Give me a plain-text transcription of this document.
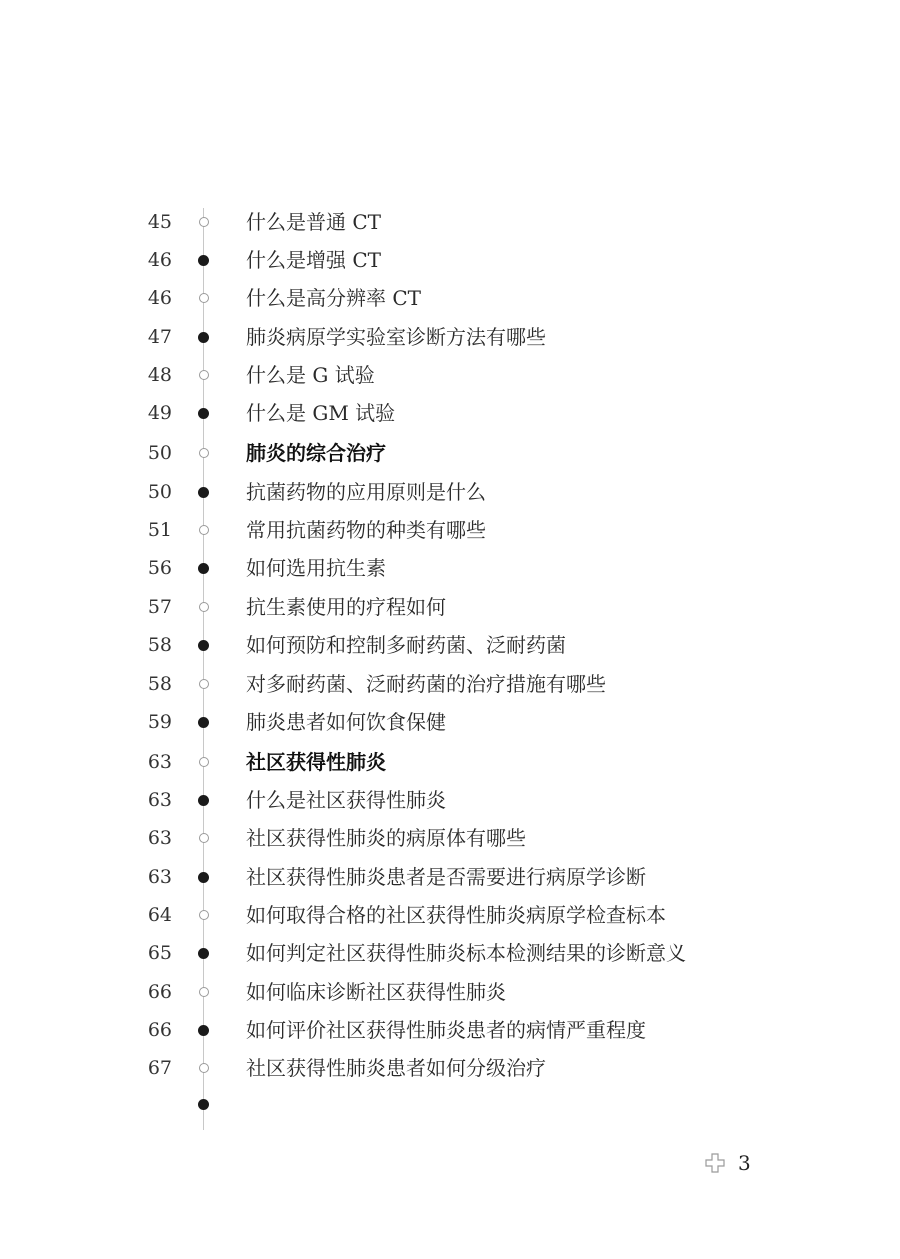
45	什么是普通 CT
46	什么是增强 CT
46	什么是高分辨率 CT
47	肺炎病原学实验室诊断方法有哪些
48	什么是 G 试验
49	什么是 GM 试验
50	肺炎的综合治疗
50	抗菌药物的应用原则是什么
51	常用抗菌药物的种类有哪些
56	如何选用抗生素
57	抗生素使用的疗程如何
58	如何预防和控制多耐药菌、泛耐药菌
58	对多耐药菌、泛耐药菌的治疗措施有哪些
59	肺炎患者如何饮食保健
63	社区获得性肺炎
63	什么是社区获得性肺炎
63	社区获得性肺炎的病原体有哪些
63	社区获得性肺炎患者是否需要进行病原学诊断
64	如何取得合格的社区获得性肺炎病原学检查标本
65	如何判定社区获得性肺炎标本检测结果的诊断意义
66	如何临床诊断社区获得性肺炎
66	如何评价社区获得性肺炎患者的病情严重程度
67	社区获得性肺炎患者如何分级治疗
3
